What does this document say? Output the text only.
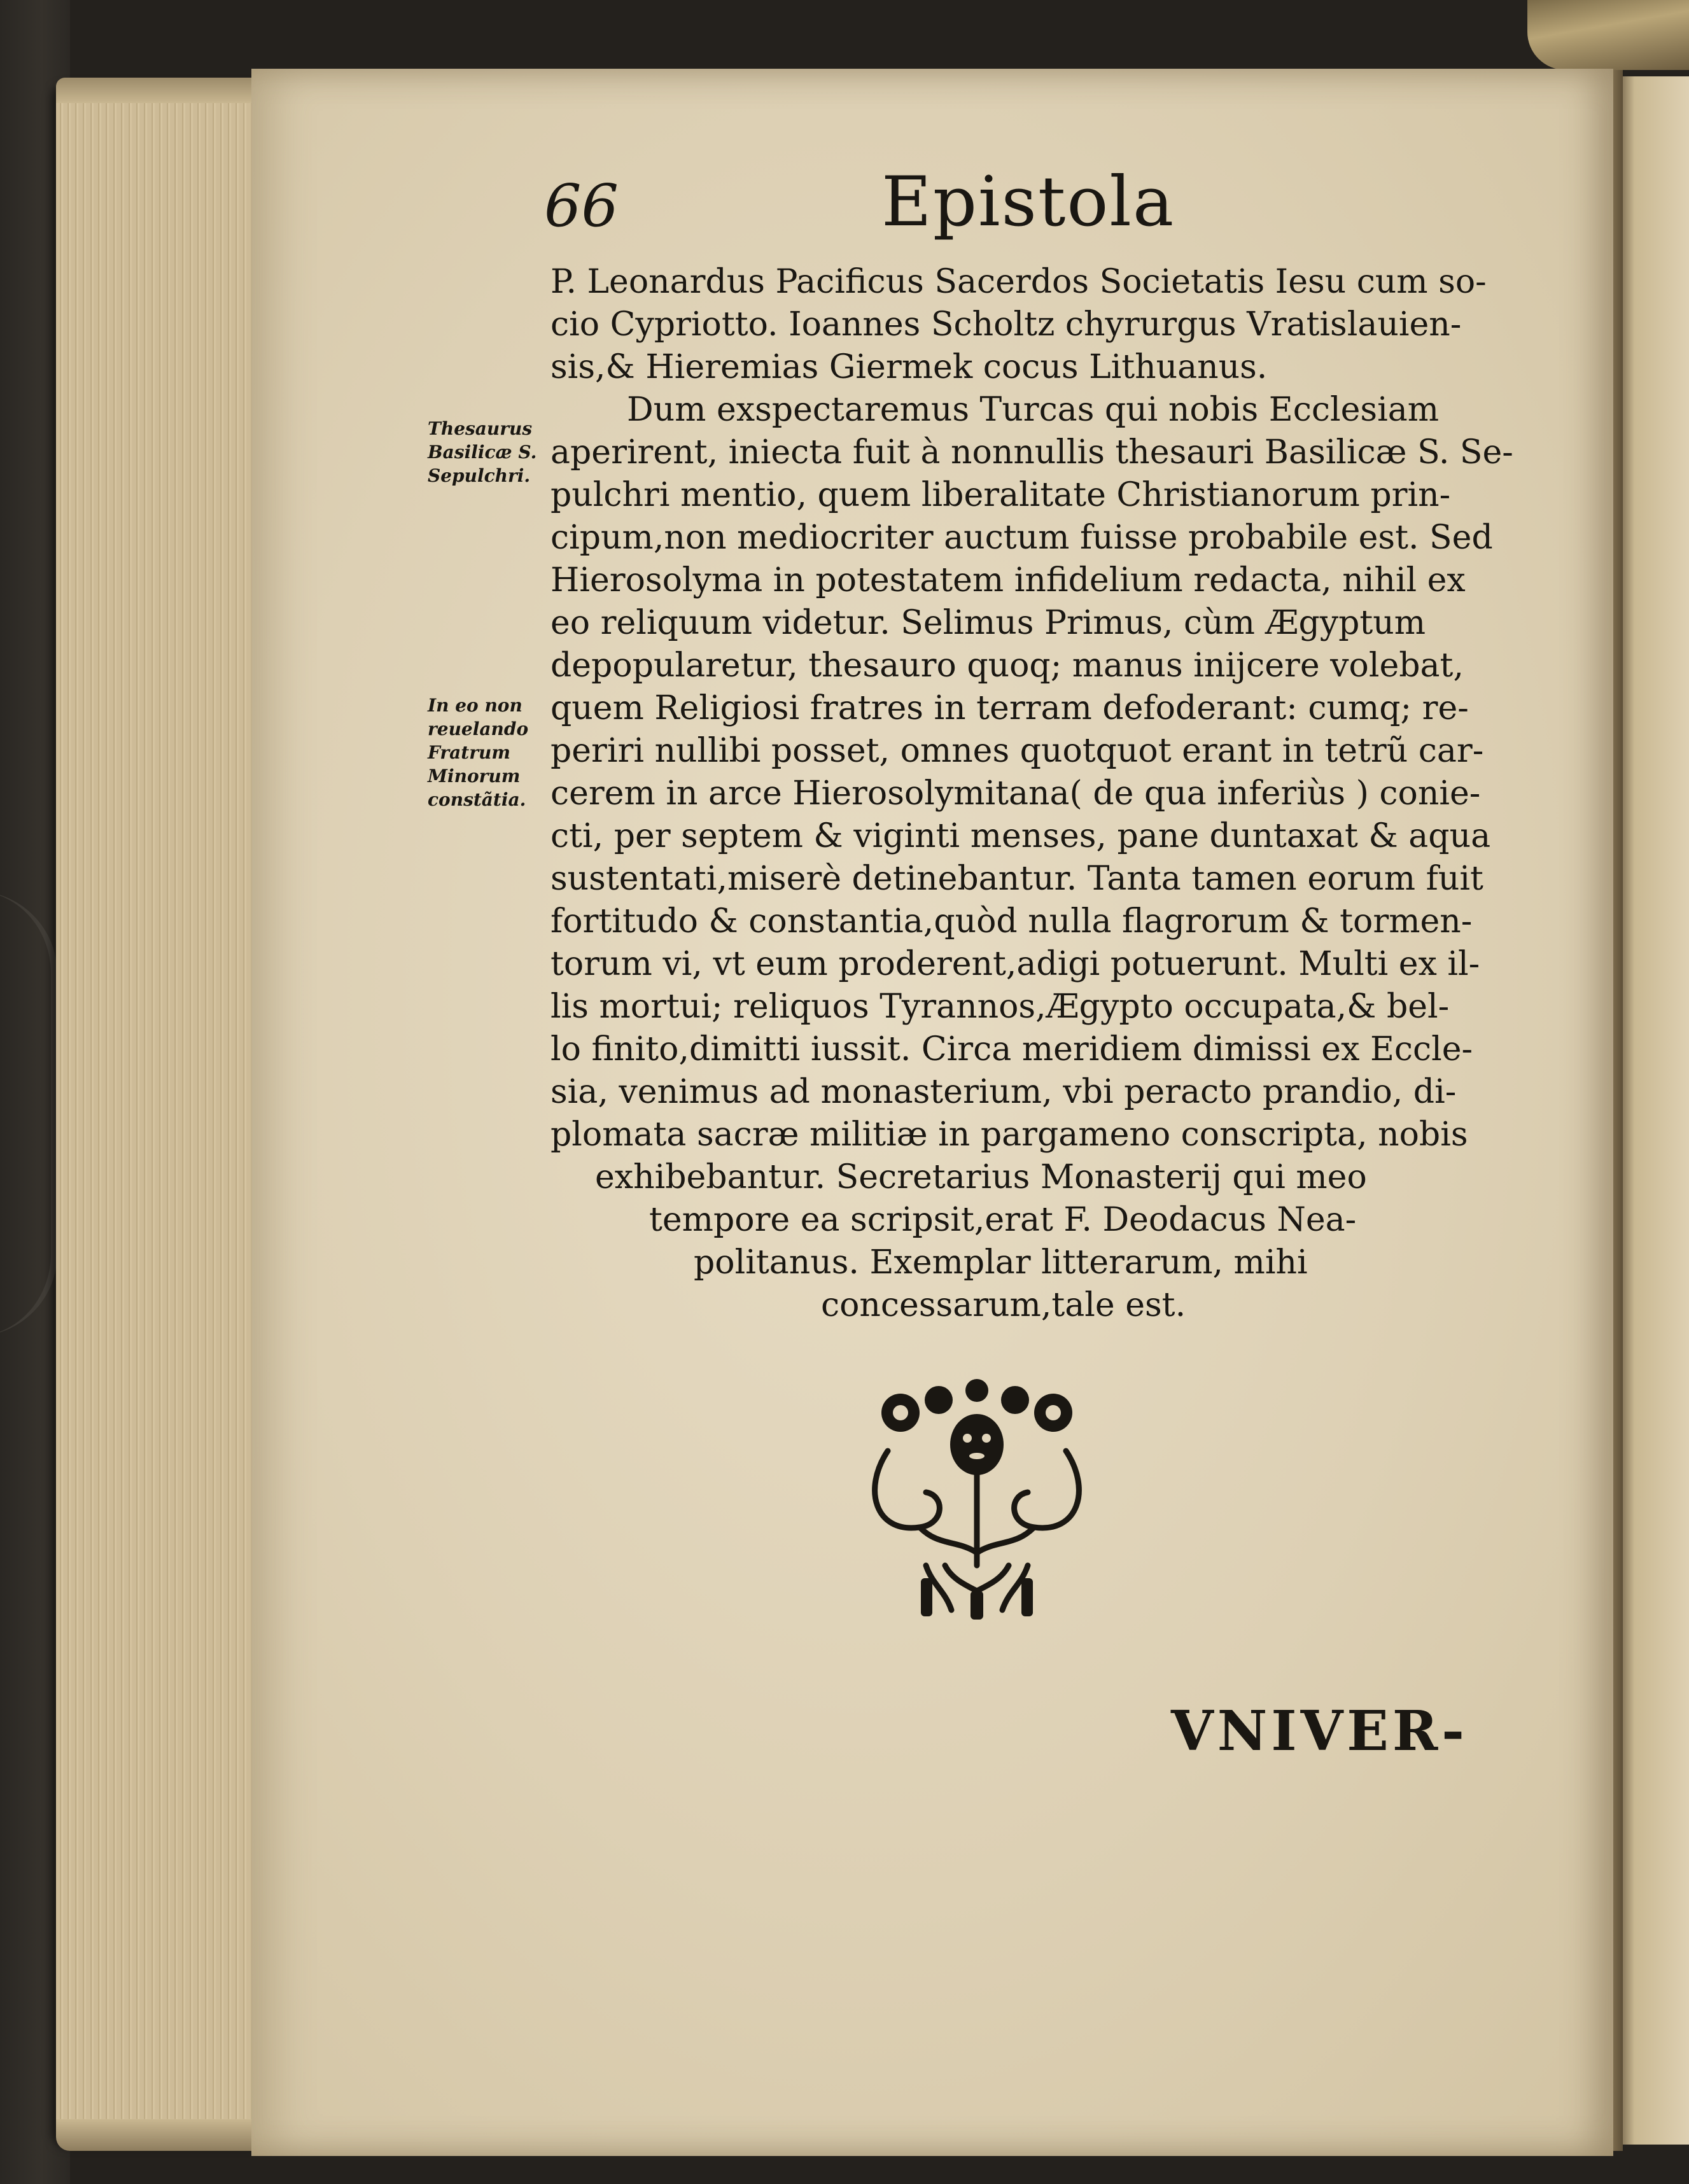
66	Epistola
Thesaurus
Basilicæ S.
Sepulchri.
In eo non
reuelando
Fratrum
Minorum
constãtia.
P. Leonardus Pacificus Sacerdos Societatis Iesu cum so-
cio Cypriotto. Ioannes Scholtz chyrurgus Vratislauien-
sis,& Hieremias Giermek cocus Lithuanus.
Dum exspectaremus Turcas qui nobis Ecclesiam
aperirent, iniecta fuit à nonnullis thesauri Basilicæ S. Se-
pulchri mentio, quem liberalitate Christianorum prin-
cipum,non mediocriter auctum fuisse probabile est. Sed
Hierosolyma in potestatem infidelium redacta, nihil ex
eo reliquum videtur. Selimus Primus, cùm Ægyptum
depopularetur, thesauro quoq; manus inijcere volebat,
quem Religiosi fratres in terram defoderant: cumq; re-
periri nullibi posset, omnes quotquot erant in tetrũ car-
cerem in arce Hierosolymitana( de qua inferiùs ) conie-
cti, per septem & viginti menses, pane duntaxat & aqua
sustentati,miserè detinebantur. Tanta tamen eorum fuit
fortitudo & constantia,quòd nulla flagrorum & tormen-
torum vi, vt eum proderent,adigi potuerunt. Multi ex il-
lis mortui; reliquos Tyrannos,Ægypto occupata,& bel-
lo finito,dimitti iussit. Circa meridiem dimissi ex Eccle-
sia, venimus ad monasterium, vbi peracto prandio, di-
plomata sacræ militiæ in pargameno conscripta, nobis
exhibebantur. Secretarius Monasterij qui meo
tempore ea scripsit,erat F. Deodacus Nea-
politanus. Exemplar litterarum, mihi
concessarum,tale est.
VNIVER-
